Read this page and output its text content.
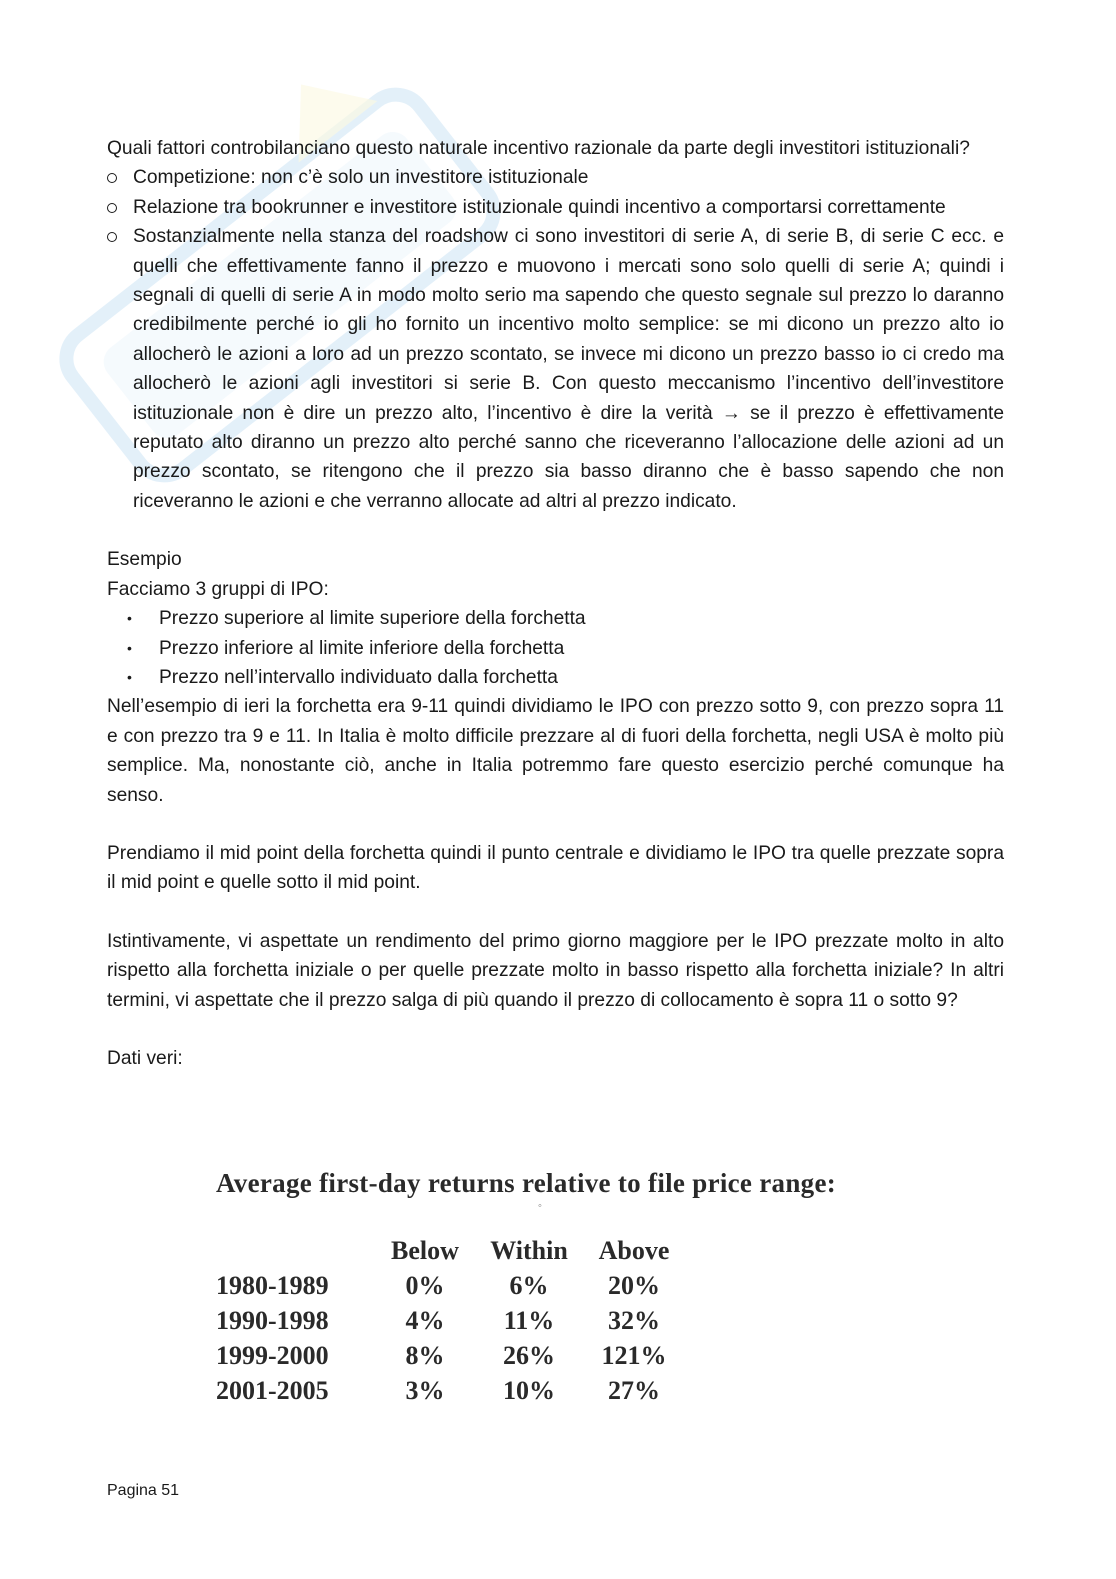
Quali fattori controbilanciano questo naturale incentivo razionale da parte degli investitori istituzionali?

Competizione: non c’è solo un investitore istituzionale
Relazione tra bookrunner e investitore istituzionale quindi incentivo a comportarsi correttamente
Sostanzialmente nella stanza del roadshow ci sono investitori di serie A, di serie B, di serie C ecc. e quelli che effettivamente fanno il prezzo e muovono i mercati sono solo quelli di serie A; quindi i segnali di quelli di serie A in modo molto serio ma sapendo che questo segnale sul prezzo lo daranno credibilmente perché io gli ho fornito un incentivo molto semplice: se mi dicono un prezzo alto io allocherò le azioni a loro ad un prezzo scontato, se invece mi dicono un prezzo basso io ci credo ma allocherò le azioni agli investitori si serie B. Con questo meccanismo l’incentivo dell’investitore istituzionale non è dire un prezzo alto, l’incentivo è dire la verità → se il prezzo è effettivamente reputato alto diranno un prezzo alto perché sanno che riceveranno l’allocazione delle azioni ad un prezzo scontato, se ritengono che il prezzo sia basso diranno che è basso sapendo che non riceveranno le azioni e che verranno allocate ad altri al prezzo indicato.

Esempio

Facciamo 3 gruppi di IPO:

• Prezzo superiore al limite superiore della forchetta
• Prezzo inferiore al limite inferiore della forchetta
• Prezzo nell’intervallo individuato dalla forchetta

Nell’esempio di ieri la forchetta era 9-11 quindi dividiamo le IPO con prezzo sotto 9, con prezzo sopra 11 e con prezzo tra 9 e 11. In Italia è molto difficile prezzare al di fuori della forchetta, negli USA è molto più semplice. Ma, nonostante ciò, anche in Italia potremmo fare questo esercizio perché comunque ha senso.

Prendiamo il mid point della forchetta quindi il punto centrale e dividiamo le IPO tra quelle prezzate sopra il mid point e quelle sotto il mid point.

Istintivamente, vi aspettate un rendimento del primo giorno maggiore per le IPO prezzate molto in alto rispetto alla forchetta iniziale o per quelle prezzate molto in basso rispetto alla forchetta iniziale? In altri termini, vi aspettate che il prezzo salga di più quando il prezzo di collocamento è sopra 11 o sotto 9?

Dati veri:

Average first-day returns relative to file price range:

◦
	Below	Within	Above
1980-1989	0%	6%	20%
1990-1998	4%	11%	32%
1999-2000	8%	26%	121%
2001-2005	3%	10%	27%
Pagina 51
